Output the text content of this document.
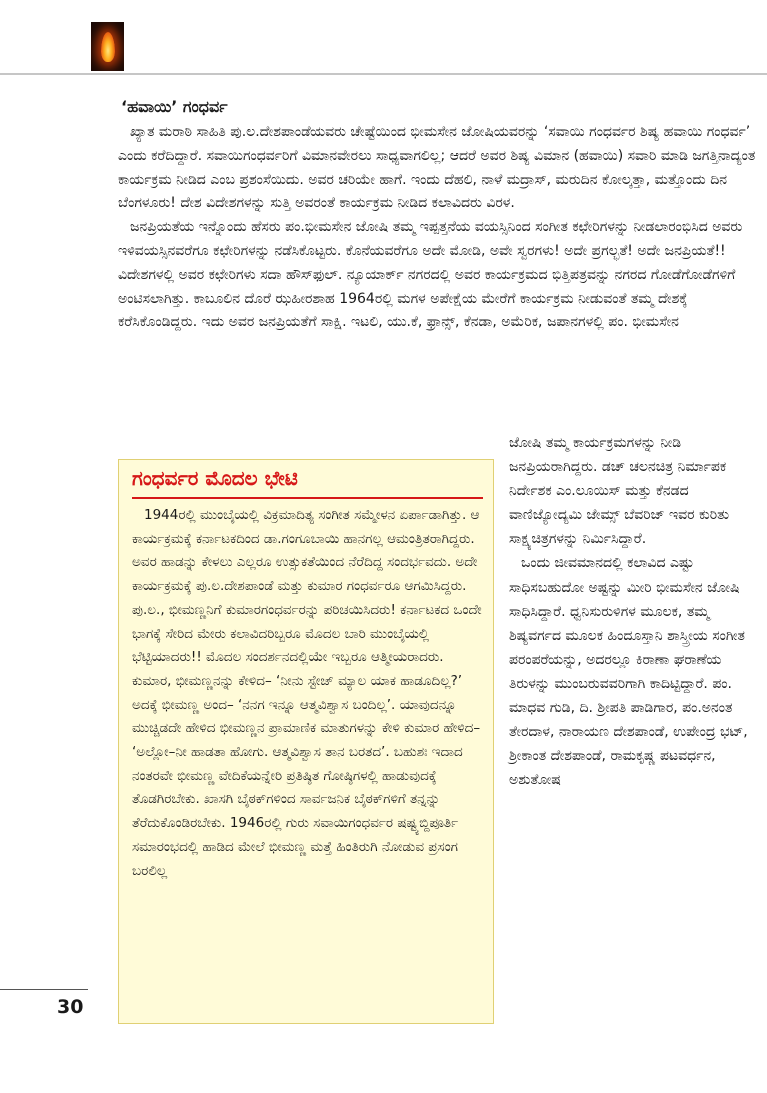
‘ಹವಾಯಿ’ ಗಂಧರ್ವ

ಖ್ಯಾತ ಮರಾಠಿ ಸಾಹಿತಿ ಪು.ಲ.ದೇಶಪಾಂಡೆಯವರು ಚೇಷ್ಟೆಯಿಂದ ಭೀಮಸೇನ ಜೋಷಿಯವರನ್ನು ‘ಸವಾಯಿ ಗಂಧರ್ವರ ಶಿಷ್ಯ ಹವಾಯಿ ಗಂಧರ್ವ’ ಎಂದು ಕರೆದಿದ್ದಾರೆ. ಸವಾಯಿಗಂಧರ್ವರಿಗೆ ವಿಮಾನವೇರಲು ಸಾಧ್ಯವಾಗಲಿಲ್ಲ; ಆದರೆ ಅವರ ಶಿಷ್ಯ ವಿಮಾನ (ಹವಾಯಿ) ಸವಾರಿ ಮಾಡಿ ಜಗತ್ತಿನಾದ್ಯಂತ ಕಾರ್ಯಕ್ರಮ ನೀಡಿದ ಎಂಬ ಪ್ರಶಂಸೆಯಿದು. ಅವರ ಚರಿಯೇ ಹಾಗೆ. ಇಂದು ದೆಹಲಿ, ನಾಳೆ ಮದ್ರಾಸ್, ಮರುದಿನ ಕೋಲ್ಕತ್ತಾ, ಮತ್ತೊಂದು ದಿನ ಬೆಂಗಳೂರು! ದೇಶ ವಿದೇಶಗಳನ್ನು ಸುತ್ತಿ ಅವರಂತೆ ಕಾರ್ಯಕ್ರಮ ನೀಡಿದ ಕಲಾವಿದರು ವಿರಳ.

ಜನಪ್ರಿಯತೆಯ ಇನ್ನೊಂದು ಹೆಸರು ಪಂ.ಭೀಮಸೇನ ಜೋಷಿ ತಮ್ಮ ಇಪ್ಪತ್ತನೆಯ ವಯಸ್ಸಿನಿಂದ ಸಂಗೀತ ಕಛೇರಿಗಳನ್ನು ನೀಡಲಾರಂಭಿಸಿದ ಅವರು ಇಳಿವಯಸ್ಸಿನವರೆಗೂ ಕಛೇರಿಗಳನ್ನು ನಡೆಸಿಕೊಟ್ಟರು. ಕೊನೆಯವರೆಗೂ ಅದೇ ಮೋಡಿ, ಅವೇ ಸ್ವರಗಳು! ಅದೇ ಪ್ರಗಲ್ಭತೆ! ಅದೇ ಜನಪ್ರಿಯತೆ!! ವಿದೇಶಗಳಲ್ಲಿ ಅವರ ಕಛೇರಿಗಳು ಸದಾ ಹೌಸ್‌ಫುಲ್. ನ್ಯೂಯಾರ್ಕ್ ನಗರದಲ್ಲಿ ಅವರ ಕಾರ್ಯಕ್ರಮದ ಭಿತ್ತಿಪತ್ರವನ್ನು ನಗರದ ಗೋಡೆಗೋಡೆಗಳಿಗೆ ಅಂಟಿಸಲಾಗಿತ್ತು. ಕಾಬೂಲಿನ ದೊರೆ ಝಹೀರಶಾಹ 1964ರಲ್ಲಿ ಮಗಳ ಅಪೇಕ್ಷೆಯ ಮೇರೆಗೆ ಕಾರ್ಯಕ್ರಮ ನೀಡುವಂತೆ ತಮ್ಮ ದೇಶಕ್ಕೆ ಕರೆಸಿಕೊಂಡಿದ್ದರು. ಇದು ಅವರ ಜನಪ್ರಿಯತೆಗೆ ಸಾಕ್ಷಿ. ಇಟಲಿ, ಯು.ಕೆ, ಫ್ರಾನ್ಸ್, ಕೆನಡಾ, ಅಮೆರಿಕ, ಜಪಾನಗಳಲ್ಲಿ ಪಂ. ಭೀಮಸೇನ

ಜೋಷಿ ತಮ್ಮ ಕಾರ್ಯಕ್ರಮಗಳನ್ನು ನೀಡಿ ಜನಪ್ರಿಯರಾಗಿದ್ದರು. ಡಚ್ ಚಲನಚಿತ್ರ ನಿರ್ಮಾಪಕ ನಿರ್ದೇಶಕ ಎಂ.ಲೂಯಿಸ್ ಮತ್ತು ಕೆನಡದ ವಾಣಿಜ್ಯೋದ್ಯಮಿ ಜೇಮ್ಸ್ ಬೆವರಿಜ್ ಇವರ ಕುರಿತು ಸಾಕ್ಷ್ಯಚಿತ್ರಗಳನ್ನು ನಿರ್ಮಿಸಿದ್ದಾರೆ.

ಒಂದು ಜೀವಮಾನದಲ್ಲಿ ಕಲಾವಿದ ಎಷ್ಟು ಸಾಧಿಸಬಹುದೋ ಅಷ್ಟನ್ನು ಮೀರಿ ಭೀಮಸೇನ ಜೋಷಿ ಸಾಧಿಸಿದ್ದಾರೆ. ಧ್ವನಿಸುರುಳಿಗಳ ಮೂಲಕ, ತಮ್ಮ ಶಿಷ್ಯವರ್ಗದ ಮೂಲಕ ಹಿಂದೂಸ್ತಾನಿ ಶಾಸ್ತ್ರೀಯ ಸಂಗೀತ ಪರಂಪರೆಯನ್ನು, ಅದರಲ್ಲೂ ಕಿರಾಣಾ ಘರಾಣೆಯ ತಿರುಳನ್ನು ಮುಂಬರುವವರಿಗಾಗಿ ಕಾದಿಟ್ಟಿದ್ದಾರೆ. ಪಂ. ಮಾಧವ ಗುಡಿ, ದಿ. ಶ್ರೀಪತಿ ಪಾಡಿಗಾರ, ಪಂ.ಅನಂತ ತೇರದಾಳ, ನಾರಾಯಣ ದೇಶಪಾಂಡೆ, ಉಪೇಂದ್ರ ಭಟ್, ಶ್ರೀಕಾಂತ ದೇಶಪಾಂಡೆ, ರಾಮಕೃಷ್ಣ ಪಟವರ್ಧನ, ಅಶುತೋಷ

ಗಂಧರ್ವರ ಮೊದಲ ಭೇಟಿ

1944ರಲ್ಲಿ ಮುಂಬೈಯಲ್ಲಿ ವಿಕ್ರಮಾದಿತ್ಯ ಸಂಗೀತ ಸಮ್ಮೇಳನ ಏರ್ಪಾಡಾಗಿತ್ತು. ಆ ಕಾರ್ಯಕ್ರಮಕ್ಕೆ ಕರ್ನಾಟಕದಿಂದ ಡಾ.ಗಂಗೂಬಾಯಿ ಹಾನಗಲ್ಲ ಆಮಂತ್ರಿತರಾಗಿದ್ದರು. ಅವರ ಹಾಡನ್ನು ಕೇಳಲು ಎಲ್ಲರೂ ಉತ್ಸುಕತೆಯಿಂದ ನೆರೆದಿದ್ದ ಸಂದರ್ಭವದು. ಅದೇ ಕಾರ್ಯಕ್ರಮಕ್ಕೆ ಪು.ಲ.ದೇಶಪಾಂಡೆ ಮತ್ತು ಕುಮಾರ ಗಂಧರ್ವರೂ ಆಗಮಿಸಿದ್ದರು. ಪು.ಲ., ಭೀಮಣ್ಣನಿಗೆ ಕುಮಾರಗಂಧರ್ವರನ್ನು ಪರಿಚಯಿಸಿದರು! ಕರ್ನಾಟಕದ ಒಂದೇ ಭಾಗಕ್ಕೆ ಸೇರಿದ ಮೇರು ಕಲಾವಿದರಿಬ್ಬರೂ ಮೊದಲ ಬಾರಿ ಮುಂಬೈಯಲ್ಲಿ ಭೆಟ್ಟಿಯಾದರು!! ಮೊದಲ ಸಂದರ್ಶನದಲ್ಲಿಯೇ ಇಬ್ಬರೂ ಆತ್ಮೀಯರಾದರು. ಕುಮಾರ, ಭೀಮಣ್ಣನನ್ನು ಕೇಳಿದ– ‘ನೀನು ಸ್ಟೇಜ್ ಮ್ಯಾಲ ಯಾಕ ಹಾಡೂದಿಲ್ಲ?’ ಅದಕ್ಕೆ ಭೀಮಣ್ಣ ಅಂದ– ‘ನನಗ ಇನ್ನೂ ಆತ್ಮವಿಶ್ವಾಸ ಬಂದಿಲ್ಲ’. ಯಾವುದನ್ನೂ ಮುಚ್ಚಿಡದೇ ಹೇಳಿದ ಭೀಮಣ್ಣನ ಪ್ರಾಮಾಣಿಕ ಮಾತುಗಳನ್ನು ಕೇಳಿ ಕುಮಾರ ಹೇಳಿದ– ‘ಅಲ್ಲೋ–ನೀ ಹಾಡತಾ ಹೋಗು. ಆತ್ಮವಿಶ್ವಾಸ ತಾನ ಬರತದ’. ಬಹುಶಃ ಇದಾದ ನಂತರವೇ ಭೀಮಣ್ಣ ವೇದಿಕೆಯನ್ನೇರಿ ಪ್ರತಿಷ್ಠಿತ ಗೋಷ್ಠಿಗಳಲ್ಲಿ ಹಾಡುವುದಕ್ಕೆ ತೊಡಗಿರಬೇಕು. ಖಾಸಗಿ ಬೈಠಕ್‌ಗಳಿಂದ ಸಾರ್ವಜನಿಕ ಬೈಠಕ್‌ಗಳಿಗೆ ತನ್ನನ್ನು ತೆರೆದುಕೊಂಡಿರಬೇಕು. 1946ರಲ್ಲಿ ಗುರು ಸವಾಯಿಗಂಧರ್ವರ ಷಷ್ಟ್ಯಬ್ದಿಪೂರ್ತಿ ಸಮಾರಂಭದಲ್ಲಿ ಹಾಡಿದ ಮೇಲೆ ಭೀಮಣ್ಣ ಮತ್ತೆ ಹಿಂತಿರುಗಿ ನೋಡುವ ಪ್ರಸಂಗ ಬರಲಿಲ್ಲ

30
